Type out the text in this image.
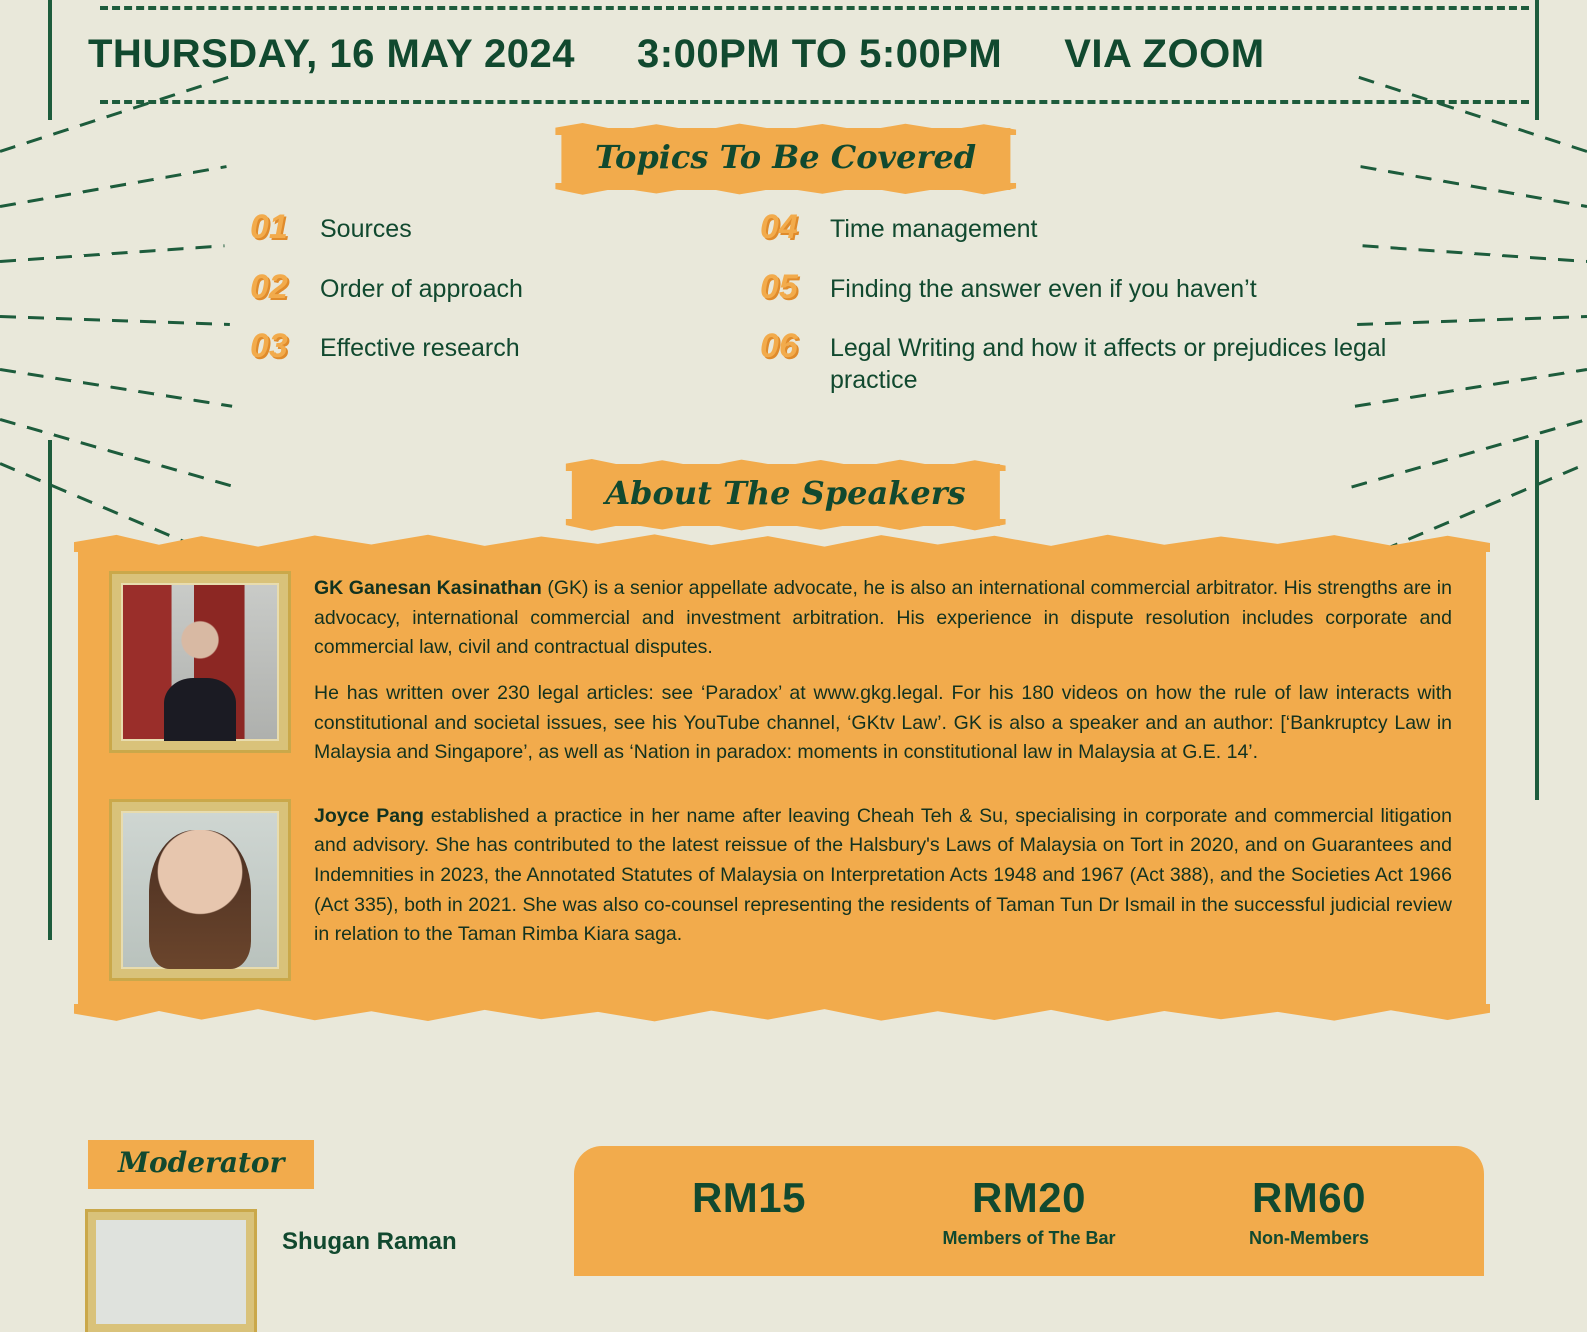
THURSDAY, 16 MAY 2024 3:00PM TO 5:00PM VIA ZOOM
Topics To Be Covered
01	Sources	04	Time management
02	Order of approach	05	Finding the answer even if you haven’t
03	Effective research	06	Legal Writing and how it affects or prejudices legal practice
About The Speakers

GK Ganesan Kasinathan (GK) is a senior appellate advocate, he is also an international commercial arbitrator. His strengths are in advocacy, international commercial and investment arbitration. His experience in dispute resolution includes corporate and commercial law, civil and contractual disputes.

He has written over 230 legal articles: see ‘Paradox’ at www.gkg.legal. For his 180 videos on how the rule of law interacts with constitutional and societal issues, see his YouTube channel, ‘GKtv Law’. GK is also a speaker and an author: [‘Bankruptcy Law in Malaysia and Singapore’, as well as ‘Nation in paradox: moments in constitutional law in Malaysia at G.E. 14’.

Joyce Pang established a practice in her name after leaving Cheah Teh & Su, specialising in corporate and commercial litigation and advisory. She has contributed to the latest reissue of the Halsbury's Laws of Malaysia on Tort in 2020, and on Guarantees and Indemnities in 2023, the Annotated Statutes of Malaysia on Interpretation Acts 1948 and 1967 (Act 388), and the Societies Act 1966 (Act 335), both in 2021. She was also co-counsel representing the residents of Taman Tun Dr Ismail in the successful judicial review in relation to the Taman Rimba Kiara saga.

Moderator
Shugan Raman
RM15	RM20
Members of The Bar
RM60
Non-Members
